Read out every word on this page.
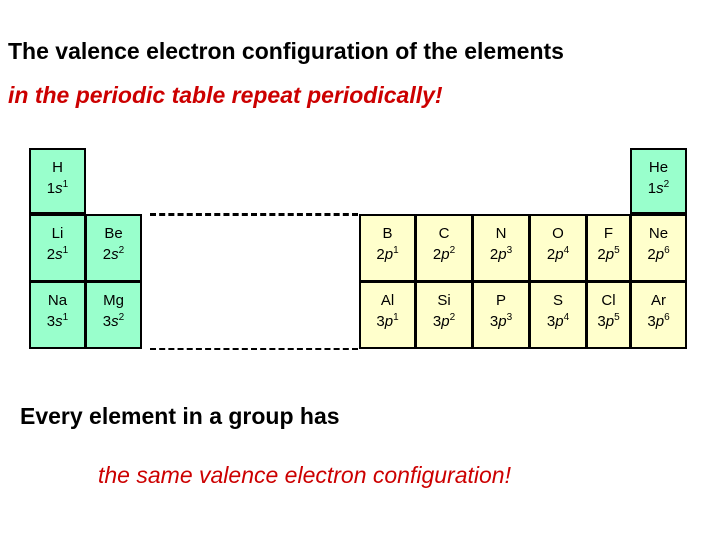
The valence electron configuration of the elements
in the periodic table repeat periodically!
H
$1s^1$
He
$1s^2$
Li
$2s^1$
Be
$2s^2$
B
$2p^1$
C
$2p^2$
N
$2p^3$
O
$2p^4$
F
$2p^5$
Ne
$2p^6$
Na
$3s^1$
Mg
$3s^2$
Al
$3p^1$
Si
$3p^2$
P
$3p^3$
S
$3p^4$
Cl
$3p^5$
Ar
$3p^6$
Every element in a group has
the same valence electron configuration!
